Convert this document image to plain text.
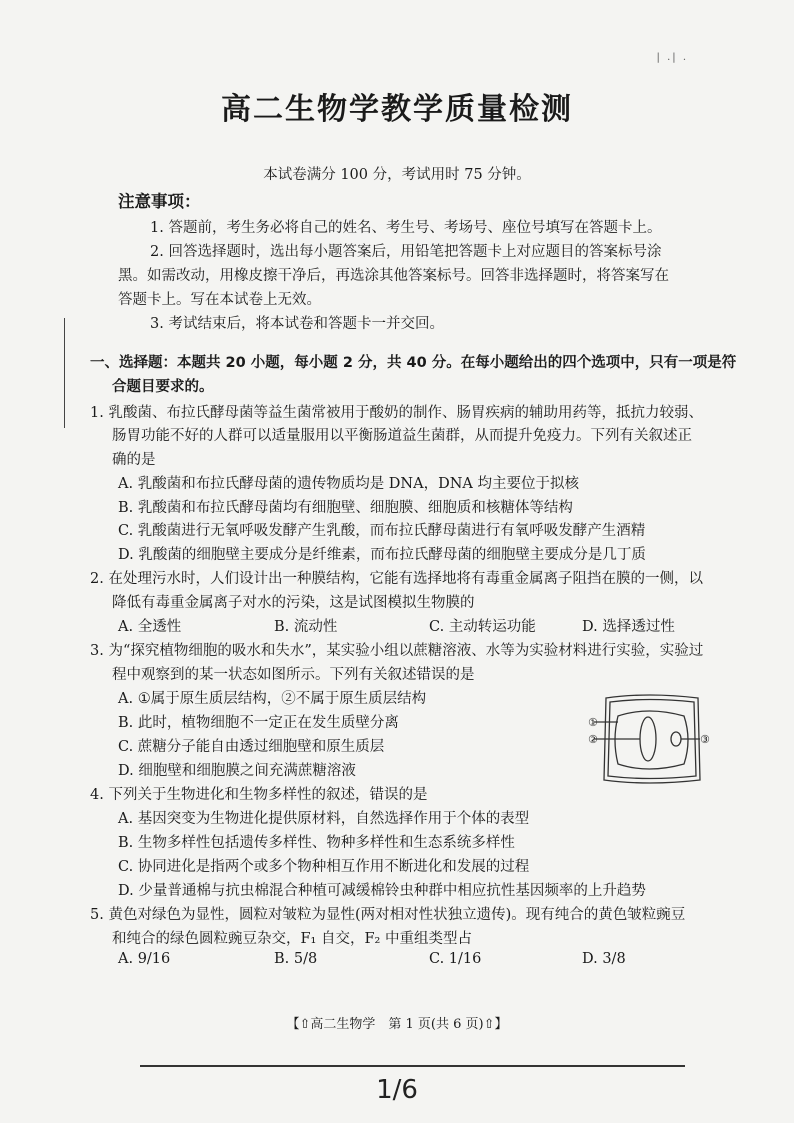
| .| .
高二生物学教学质量检测
本试卷满分 100 分，考试用时 75 分钟。
注意事项：
1. 答题前，考生务必将自己的姓名、考生号、考场号、座位号填写在答题卡上。
2. 回答选择题时，选出每小题答案后，用铅笔把答题卡上对应题目的答案标号涂
黑。如需改动，用橡皮擦干净后，再选涂其他答案标号。回答非选择题时，将答案写在
答题卡上。写在本试卷上无效。
3. 考试结束后，将本试卷和答题卡一并交回。
一、选择题：本题共 20 小题，每小题 2 分，共 40 分。在每小题给出的四个选项中，只有一项是符
合题目要求的。
1. 乳酸菌、布拉氏酵母菌等益生菌常被用于酸奶的制作、肠胃疾病的辅助用药等，抵抗力较弱、
肠胃功能不好的人群可以适量服用以平衡肠道益生菌群，从而提升免疫力。下列有关叙述正
确的是
A. 乳酸菌和布拉氏酵母菌的遗传物质均是 DNA，DNA 均主要位于拟核
B. 乳酸菌和布拉氏酵母菌均有细胞壁、细胞膜、细胞质和核糖体等结构
C. 乳酸菌进行无氧呼吸发酵产生乳酸，而布拉氏酵母菌进行有氧呼吸发酵产生酒精
D. 乳酸菌的细胞壁主要成分是纤维素，而布拉氏酵母菌的细胞壁主要成分是几丁质
2. 在处理污水时，人们设计出一种膜结构，它能有选择地将有毒重金属离子阻挡在膜的一侧，以
降低有毒重金属离子对水的污染，这是试图模拟生物膜的
A. 全透性	B. 流动性	C. 主动转运功能	D. 选择透过性
3. 为“探究植物细胞的吸水和失水”，某实验小组以蔗糖溶液、水等为实验材料进行实验，实验过
程中观察到的某一状态如图所示。下列有关叙述错误的是
A. ①属于原生质层结构，②不属于原生质层结构
B. 此时，植物细胞不一定正在发生质壁分离
C. 蔗糖分子能自由透过细胞壁和原生质层
D. 细胞壁和细胞膜之间充满蔗糖溶液
①
②	③
4. 下列关于生物进化和生物多样性的叙述，错误的是
A. 基因突变为生物进化提供原材料，自然选择作用于个体的表型
B. 生物多样性包括遗传多样性、物种多样性和生态系统多样性
C. 协同进化是指两个或多个物种相互作用不断进化和发展的过程
D. 少量普通棉与抗虫棉混合种植可减缓棉铃虫种群中相应抗性基因频率的上升趋势
5. 黄色对绿色为显性，圆粒对皱粒为显性(两对相对性状独立遗传)。现有纯合的黄色皱粒豌豆
和纯合的绿色圆粒豌豆杂交，F₁ 自交，F₂ 中重组类型占
A. 9/16	B. 5/8	C. 1/16	D. 3/8
【⇧高二生物学　第 1 页(共 6 页)⇧】
1/6
